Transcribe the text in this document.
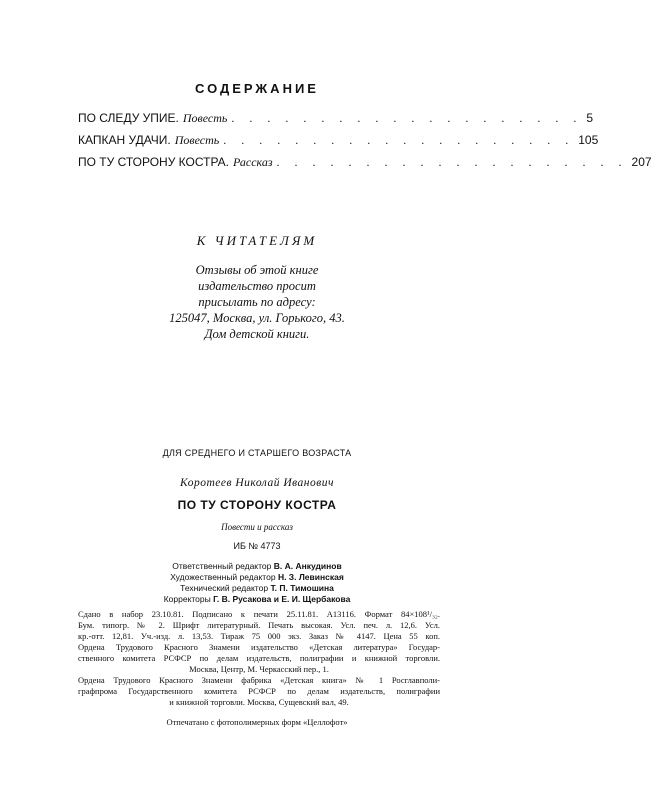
СОДЕРЖАНИЕ
ПО СЛЕДУ УПИЕ. Повесть . . . . . . . . . . . . . . . . . . . . 5
КАПКАН УДАЧИ. Повесть . . . . . . . . . . . . . . . . . . . . 105
ПО ТУ СТОРОНУ КОСТРА. Рассказ . . . . . . . . . . . . . . . . . . . . 207
К ЧИТАТЕЛЯМ
Отзывы об этой книге
издательство просит
присылать по адресу:
125047, Москва, ул. Горького, 43.
Дом детской книги.
ДЛЯ СРЕДНЕГО И СТАРШЕГО ВОЗРАСТА
Коротеев Николай Иванович
ПО ТУ СТОРОНУ КОСТРА
Повести и рассказ
ИБ № 4773
Ответственный редактор В. А. Анкудинов
Художественный редактор Н. З. Левинская
Технический редактор Т. П. Тимошина
Корректоры Г. В. Русакова и Е. И. Щербакова
Сдано в набор 23.10.81. Подписано к печати 25.11.81. А13116. Формат 84×108¹/₃₂.
Бум. типогр. № 2. Шрифт литературный. Печать высокая. Усл. печ. л. 12,6. Усл.
кр.-отт. 12,81. Уч.-изд. л. 13,53. Тираж 75 000 экз. Заказ № 4147. Цена 55 коп.
Ордена Трудового Красного Знамени издательство «Детская литература» Государ-
ственного комитета РСФСР по делам издательств, полиграфии и книжной торговли.
Москва, Центр, М. Черкасский пер., 1.
Ордена Трудового Красного Знамени фабрика «Детская книга» № 1 Росглавполи-
графпрома Государственного комитета РСФСР по делам издательств, полиграфии
и книжной торговли. Москва, Сущевский вал, 49.
Отпечатано с фотополимерных форм «Целлофот»
